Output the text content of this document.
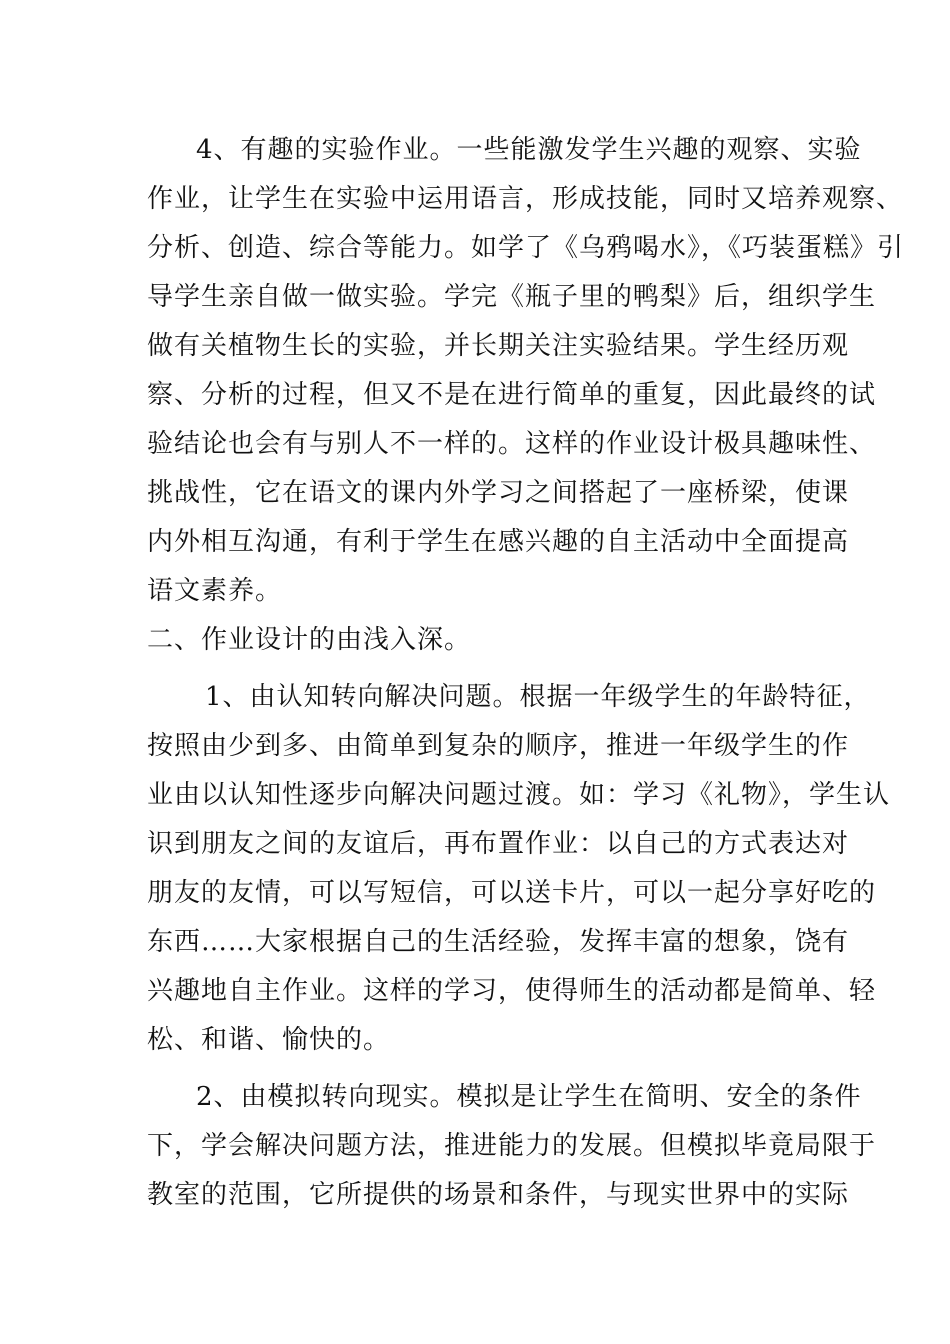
4、有趣的实验作业。一些能激发学生兴趣的观察、实验
作业，让学生在实验中运用语言，形成技能，同时又培养观察、
分析、创造、综合等能力。如学了《乌鸦喝水》，《巧装蛋糕》引
导学生亲自做一做实验。学完《瓶子里的鸭梨》后，组织学生
做有关植物生长的实验，并长期关注实验结果。学生经历观
察、分析的过程，但又不是在进行简单的重复，因此最终的试
验结论也会有与别人不一样的。这样的作业设计极具趣味性、
挑战性，它在语文的课内外学习之间搭起了一座桥梁，使课
内外相互沟通，有利于学生在感兴趣的自主活动中全面提高
语文素养。
二、作业设计的由浅入深。
1、由认知转向解决问题。根据一年级学生的年龄特征，
按照由少到多、由简单到复杂的顺序，推进一年级学生的作
业由以认知性逐步向解决问题过渡。如：学习《礼物》，学生认
识到朋友之间的友谊后，再布置作业：以自己的方式表达对
朋友的友情，可以写短信，可以送卡片，可以一起分享好吃的
东西……大家根据自己的生活经验，发挥丰富的想象，饶有
兴趣地自主作业。这样的学习，使得师生的活动都是简单、轻
松、和谐、愉快的。
2、由模拟转向现实。模拟是让学生在简明、安全的条件
下，学会解决问题方法，推进能力的发展。但模拟毕竟局限于
教室的范围，它所提供的场景和条件，与现实世界中的实际
